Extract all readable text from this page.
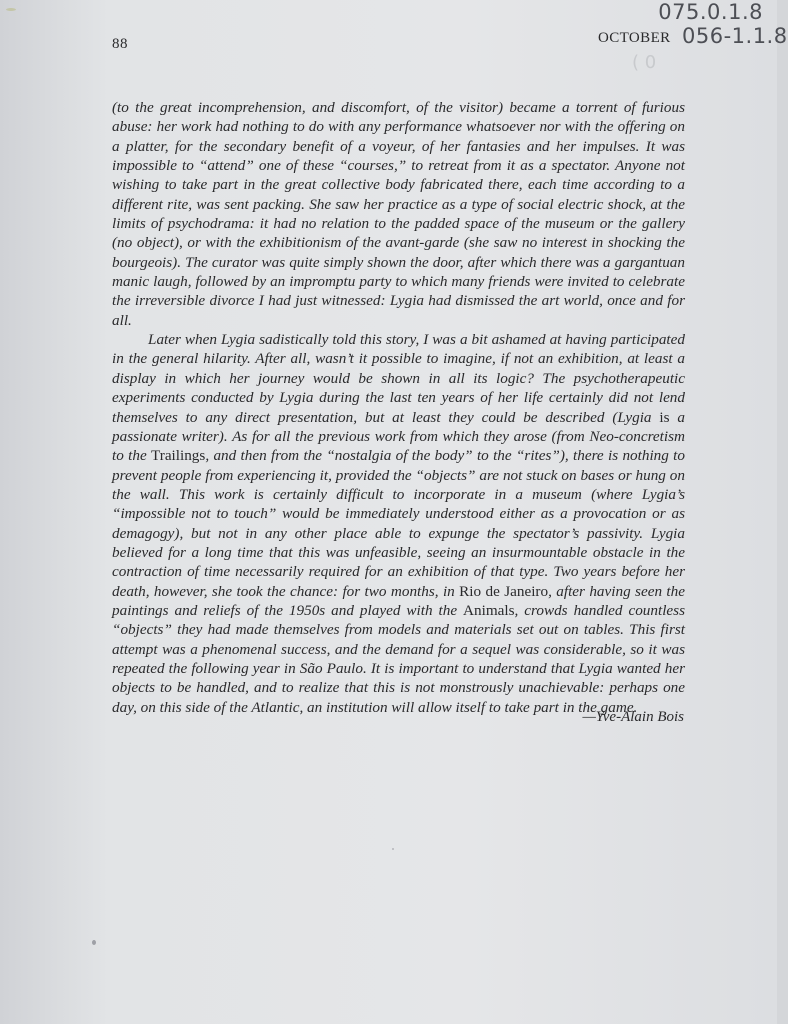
88	OCTOBER
075.0.1.8
056-1.1.8
( 0

(to the great incomprehension, and discomfort, of the visitor) became a torrent of furious abuse: her work had nothing to do with any performance whatsoever nor with the offering on a platter, for the secondary benefit of a voyeur, of her fantasies and her impulses. It was impossible to “attend” one of these “courses,” to retreat from it as a spectator. Anyone not wishing to take part in the great collective body fabricated there, each time according to a different rite, was sent packing. She saw her practice as a type of social electric shock, at the limits of psychodrama: it had no relation to the padded space of the museum or the gallery (no object), or with the exhibitionism of the avant-garde (she saw no interest in shocking the bourgeois). The curator was quite simply shown the door, after which there was a gargantuan manic laugh, followed by an impromptu party to which many friends were invited to celebrate the irreversible divorce I had just witnessed: Lygia had dismissed the art world, once and for all.

Later when Lygia sadistically told this story, I was a bit ashamed at having participated in the general hilarity. After all, wasn’t it possible to imagine, if not an exhibition, at least a display in which her journey would be shown in all its logic? The psychotherapeutic experiments conducted by Lygia during the last ten years of her life certainly did not lend themselves to any direct presentation, but at least they could be described (Lygia is a passionate writer). As for all the previous work from which they arose (from Neo-concretism to the Trailings, and then from the “nostalgia of the body” to the “rites”), there is nothing to prevent people from experiencing it, provided the “objects” are not stuck on bases or hung on the wall. This work is certainly difficult to incorporate in a museum (where Lygia’s “impossible not to touch” would be immediately understood either as a provocation or as demagogy), but not in any other place able to expunge the spectator’s passivity. Lygia believed for a long time that this was unfeasible, seeing an insurmountable obstacle in the contraction of time necessarily required for an exhibition of that type. Two years before her death, however, she took the chance: for two months, in Rio de Janeiro, after having seen the paintings and reliefs of the 1950s and played with the Animals, crowds handled countless “objects” they had made themselves from models and materials set out on tables. This first attempt was a phenomenal success, and the demand for a sequel was considerable, so it was repeated the following year in São Paulo. It is important to understand that Lygia wanted her objects to be handled, and to realize that this is not monstrously unachievable: perhaps one day, on this side of the Atlantic, an institution will allow itself to take part in the game.

—Yve-Alain Bois
